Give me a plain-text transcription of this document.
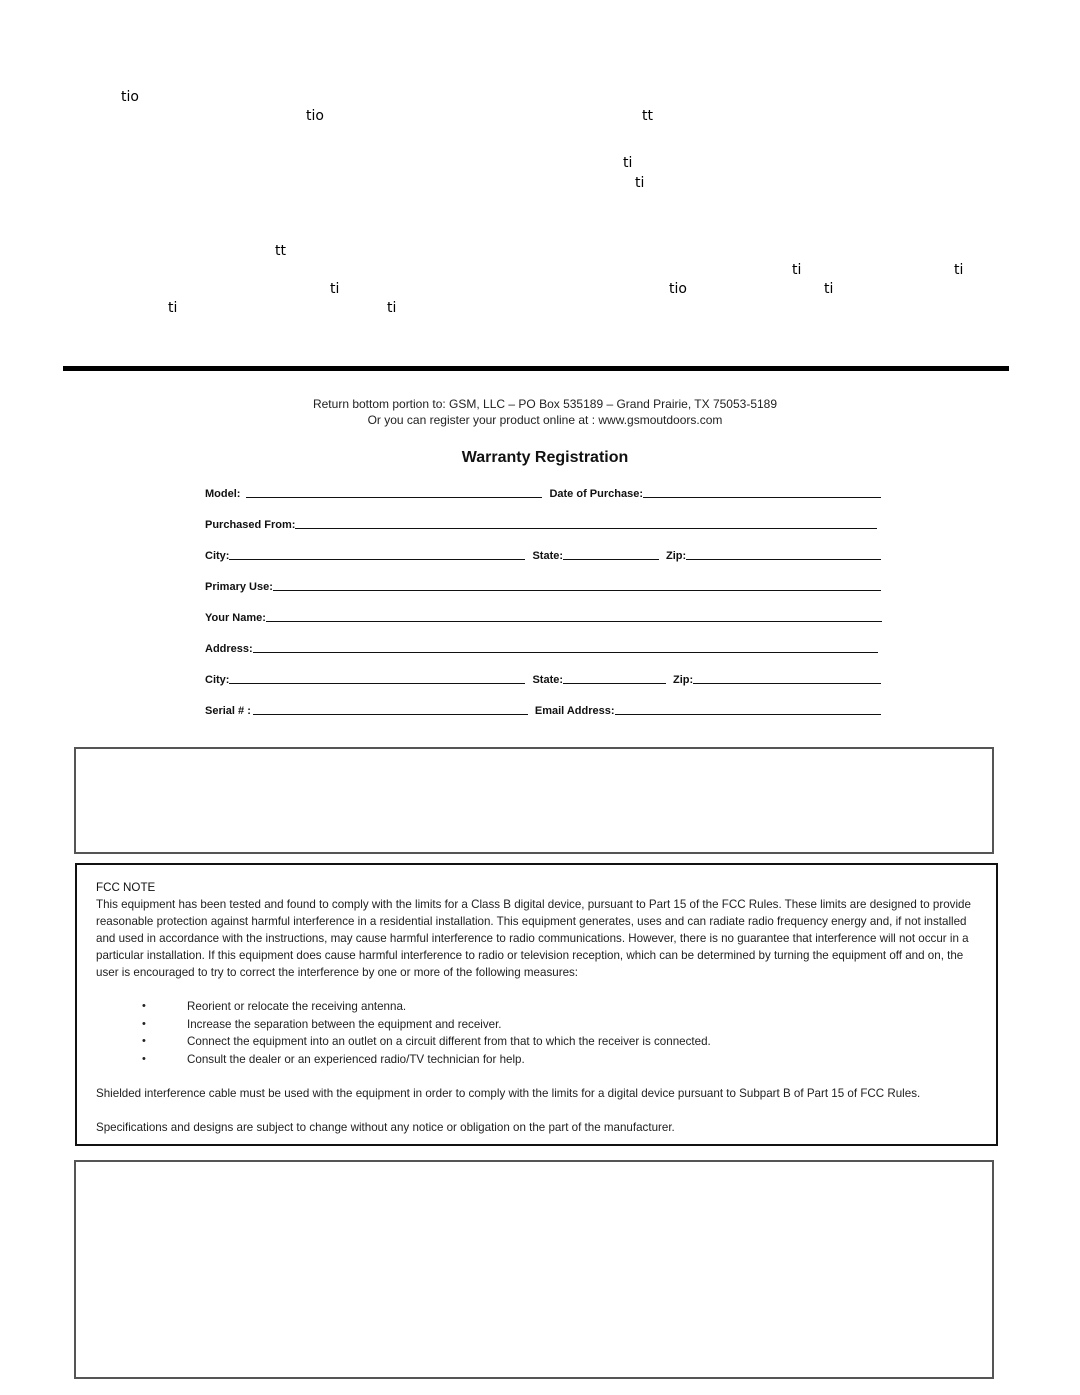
tio
tio	tt
ti
ti
tt
ti	ti
ti	tio	ti
ti	ti
Return bottom portion to: GSM, LLC – PO Box 535189 – Grand Prairie, TX 75053-5189
Or you can register your product online at : www.gsmoutdoors.com
Warranty Registration
Model:	Date of Purchase:
Purchased From:
City:	State:	Zip:
Primary Use:
Your Name:
Address:
City:	State:	Zip:
Serial # :	Email Address:
FCC NOTE

This equipment has been tested and found to comply with the limits for a Class B digital device, pursuant to Part 15 of the FCC Rules. These limits are designed to provide reasonable protection against harmful interference in a residential installation. This equipment generates, uses and can radiate radio frequency energy and, if not installed and used in accordance with the instructions, may cause harmful interference to radio communications. However, there is no guarantee that interference will not occur in a particular installation. If this equipment does cause harmful interference to radio or television reception, which can be determined by turning the equipment off and on, the user is encouraged to try to correct the interference by one or more of the following measures:

•	Reorient or relocate the receiving antenna.
•	Increase the separation between the equipment and receiver.
•	Connect the equipment into an outlet on a circuit different from that to which the receiver is connected.
•	Consult the dealer or an experienced radio/TV technician for help.

Shielded interference cable must be used with the equipment in order to comply with the limits for a digital device pursuant to Subpart B of Part 15 of FCC Rules.

Specifications and designs are subject to change without any notice or obligation on the part of the manufacturer.
